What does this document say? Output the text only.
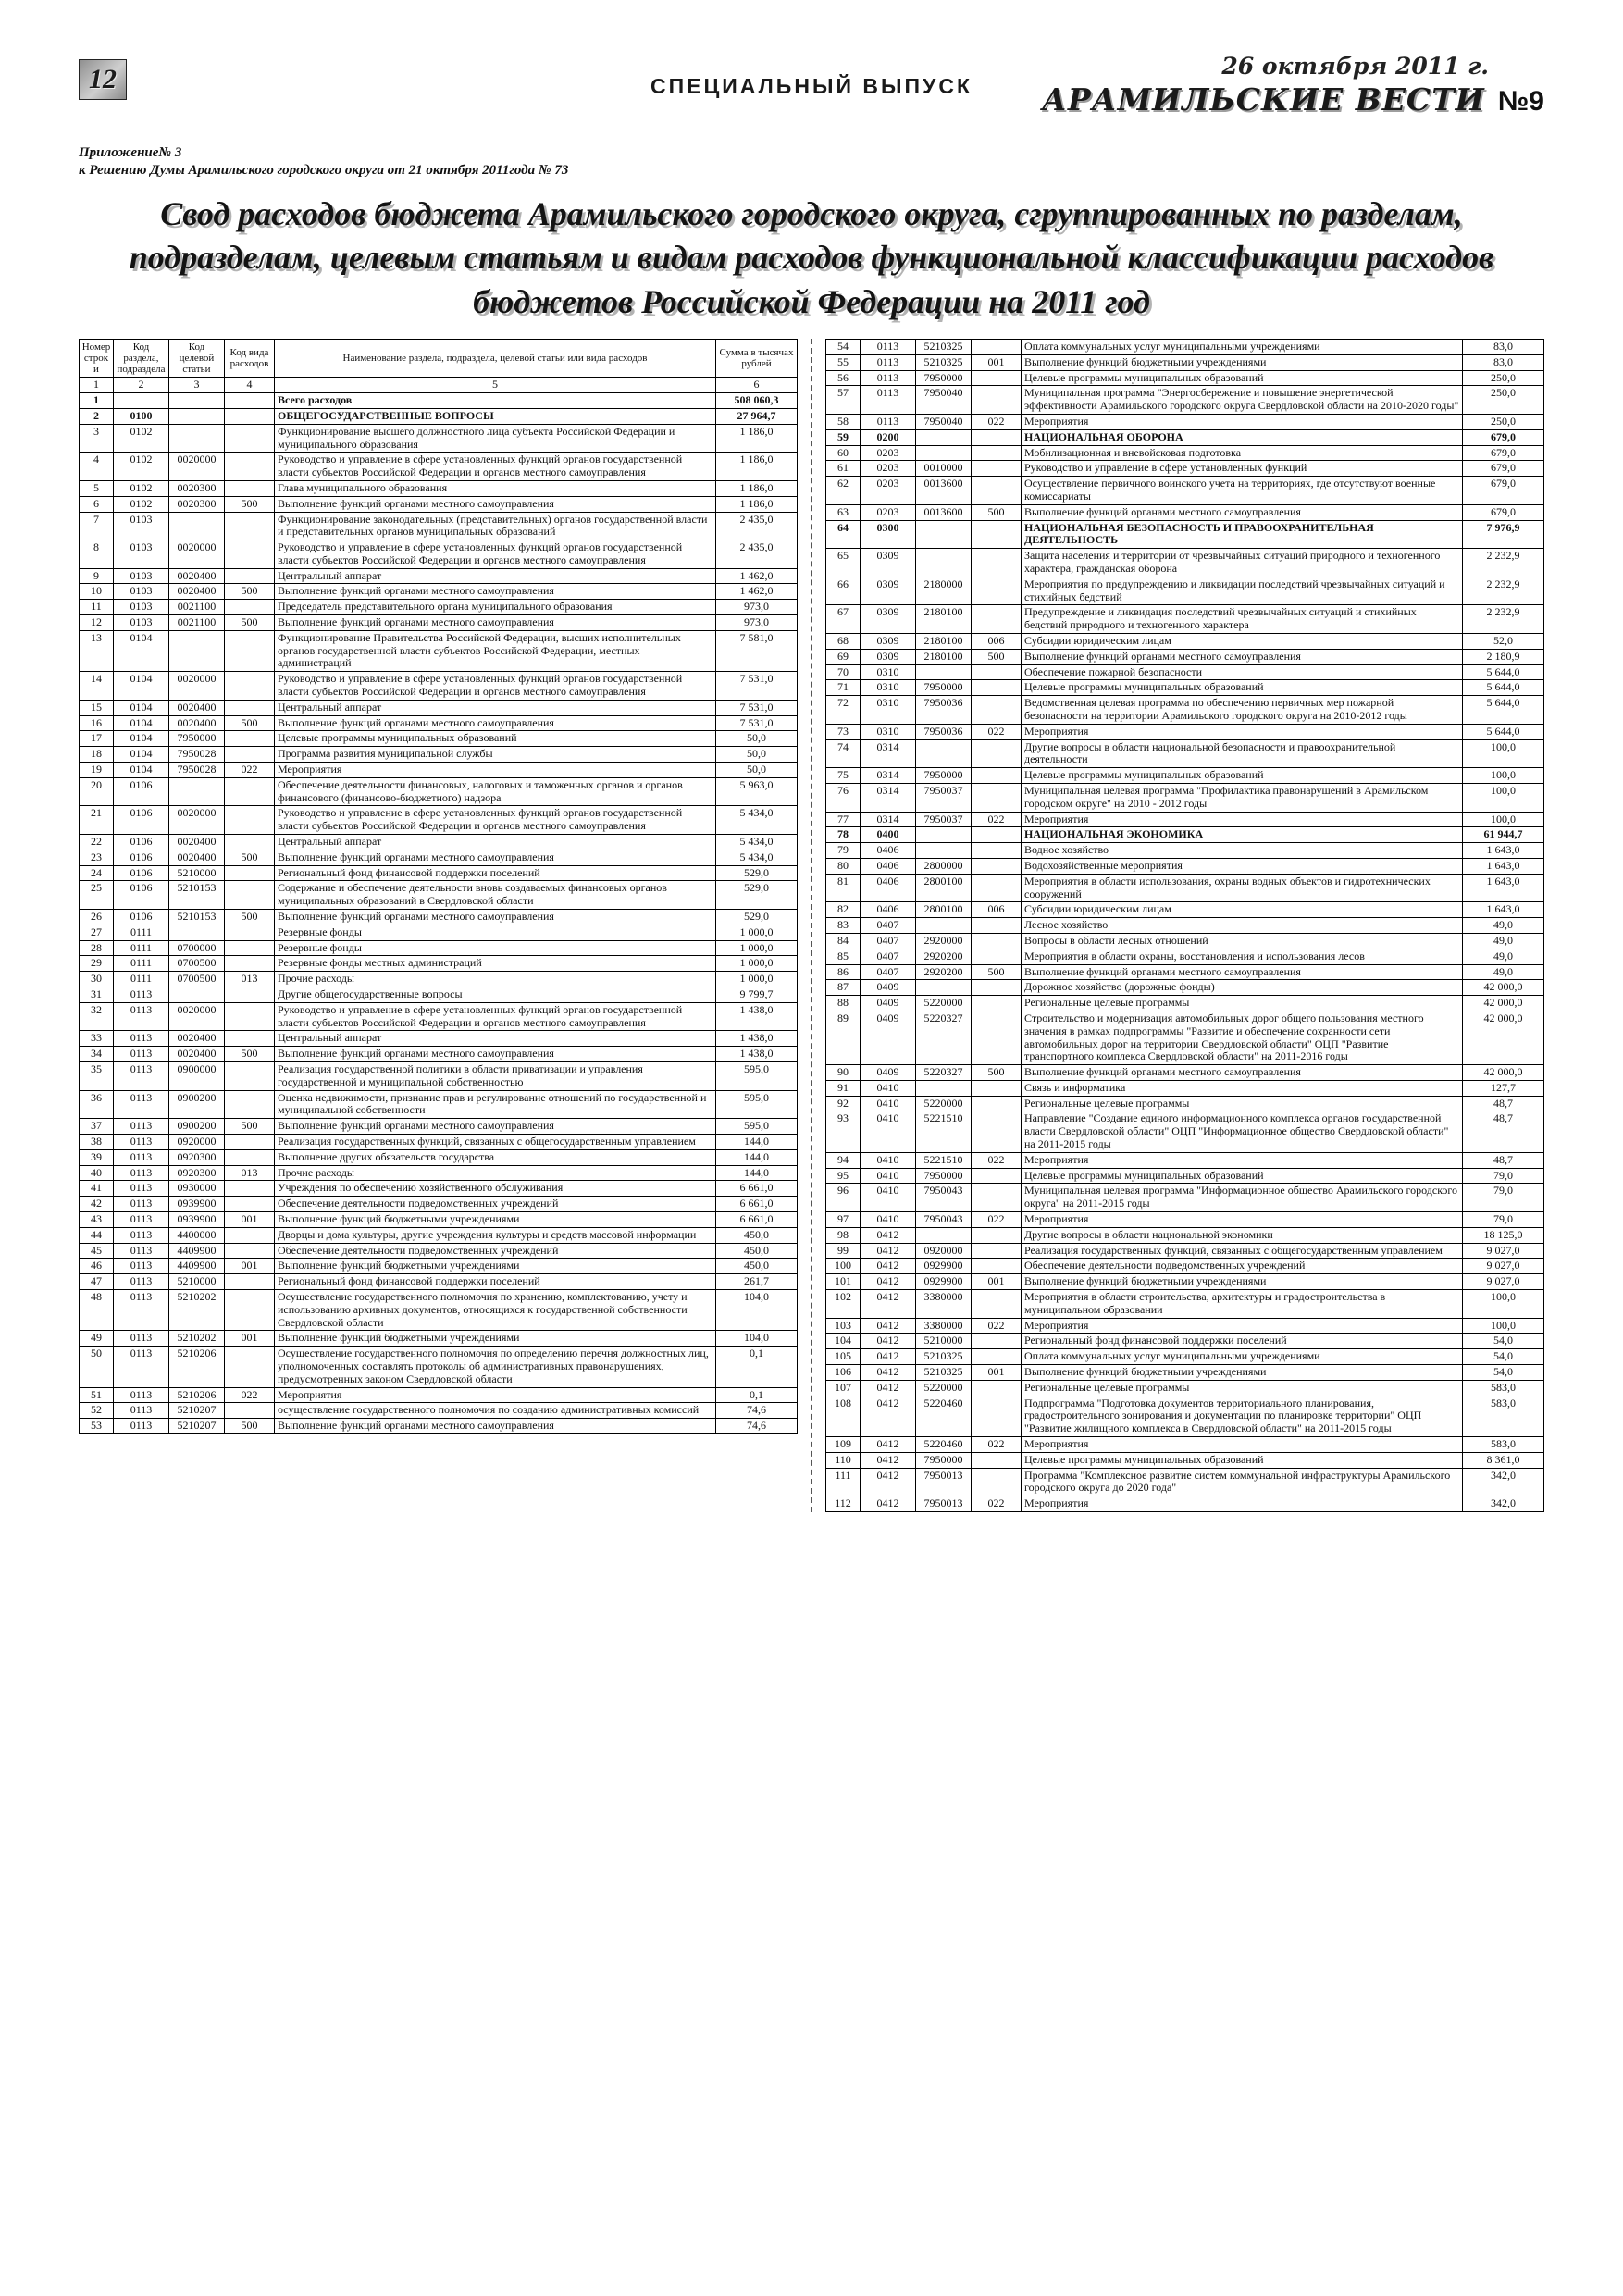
12	СПЕЦИАЛЬНЫЙ ВЫПУСК
26 октября 2011 г.
АРАМИЛЬСКИЕ ВЕСТИ №9
Приложение№ 3
к Решению Думы Арамильского городского округа от 21 октября 2011года № 73
Свод расходов бюджета Арамильского городского округа, сгруппированных по разделам, подразделам, целевым статьям и видам расходов функциональной классификации расходов бюджетов Российской Федерации на 2011 год
Номер строки	Код раздела, подраздела	Код целевой статьи	Код вида расходов	Наименование раздела, подраздела, целевой статьи или вида расходов	Сумма в тысячах рублей
1	2	3	4	5	6
1				Всего расходов	508 060,3
2	0100			ОБЩЕГОСУДАРСТВЕННЫЕ ВОПРОСЫ	27 964,7
3	0102			Функционирование высшего должностного лица субъекта Российской Федерации и муниципального образования	1 186,0
4	0102	0020000		Руководство и управление в сфере установленных функций органов государственной власти субъектов Российской Федерации и органов местного самоуправления	1 186,0
5	0102	0020300		Глава муниципального образования	1 186,0
6	0102	0020300	500	Выполнение функций органами местного самоуправления	1 186,0
7	0103			Функционирование законодательных (представительных) органов государственной власти и представительных органов муниципальных образований	2 435,0
8	0103	0020000		Руководство и управление в сфере установленных функций органов государственной власти субъектов Российской Федерации и органов местного самоуправления	2 435,0
9	0103	0020400		Центральный аппарат	1 462,0
10	0103	0020400	500	Выполнение функций органами местного самоуправления	1 462,0
11	0103	0021100		Председатель представительного органа муниципального образования	973,0
12	0103	0021100	500	Выполнение функций органами местного самоуправления	973,0
13	0104			Функционирование Правительства Российской Федерации, высших исполнительных органов государственной власти субъектов Российской Федерации, местных администраций	7 581,0
14	0104	0020000		Руководство и управление в сфере установленных функций органов государственной власти субъектов Российской Федерации и органов местного самоуправления	7 531,0
15	0104	0020400		Центральный аппарат	7 531,0
16	0104	0020400	500	Выполнение функций органами местного самоуправления	7 531,0
17	0104	7950000		Целевые программы муниципальных образований	50,0
18	0104	7950028		Программа развития муниципальной службы	50,0
19	0104	7950028	022	Мероприятия	50,0
20	0106			Обеспечение деятельности финансовых, налоговых и таможенных органов и органов финансового (финансово-бюджетного) надзора	5 963,0
21	0106	0020000		Руководство и управление в сфере установленных функций органов государственной власти субъектов Российской Федерации и органов местного самоуправления	5 434,0
22	0106	0020400		Центральный аппарат	5 434,0
23	0106	0020400	500	Выполнение функций органами местного самоуправления	5 434,0
24	0106	5210000		Региональный фонд финансовой поддержки поселений	529,0
25	0106	5210153		Содержание и обеспечение деятельности вновь создаваемых финансовых органов муниципальных образований в Свердловской области	529,0
26	0106	5210153	500	Выполнение функций органами местного самоуправления	529,0
27	0111			Резервные фонды	1 000,0
28	0111	0700000		Резервные фонды	1 000,0
29	0111	0700500		Резервные фонды местных администраций	1 000,0
30	0111	0700500	013	Прочие расходы	1 000,0
31	0113			Другие общегосударственные вопросы	9 799,7
32	0113	0020000		Руководство и управление в сфере установленных функций органов государственной власти субъектов Российской Федерации и органов местного самоуправления	1 438,0
33	0113	0020400		Центральный аппарат	1 438,0
34	0113	0020400	500	Выполнение функций органами местного самоуправления	1 438,0
35	0113	0900000		Реализация государственной политики в области приватизации и управления государственной и муниципальной собственностью	595,0
36	0113	0900200		Оценка недвижимости, признание прав и регулирование отношений по государственной и муниципальной собственности	595,0
37	0113	0900200	500	Выполнение функций органами местного самоуправления	595,0
38	0113	0920000		Реализация государственных функций, связанных с общегосударственным управлением	144,0
39	0113	0920300		Выполнение других обязательств государства	144,0
40	0113	0920300	013	Прочие расходы	144,0
41	0113	0930000		Учреждения по обеспечению хозяйственного обслуживания	6 661,0
42	0113	0939900		Обеспечение деятельности подведомственных учреждений	6 661,0
43	0113	0939900	001	Выполнение функций бюджетными учреждениями	6 661,0
44	0113	4400000		Дворцы и дома культуры, другие учреждения культуры и средств массовой информации	450,0
45	0113	4409900		Обеспечение деятельности подведомственных учреждений	450,0
46	0113	4409900	001	Выполнение функций бюджетными учреждениями	450,0
47	0113	5210000		Региональный фонд финансовой поддержки поселений	261,7
48	0113	5210202		Осуществление государственного полномочия по хранению, комплектованию, учету и использованию архивных документов, относящихся к государственной собственности Свердловской области	104,0
49	0113	5210202	001	Выполнение функций бюджетными учреждениями	104,0
50	0113	5210206		Осуществление государственного полномочия по определению перечня должностных лиц, уполномоченных составлять протоколы об административных правонарушениях, предусмотренных законом Свердловской области	0,1
51	0113	5210206	022	Мероприятия	0,1
52	0113	5210207		осуществление государственного полномочия по созданию административных комиссий	74,6
53	0113	5210207	500	Выполнение функций органами местного самоуправления	74,6
54	0113	5210325		Оплата коммунальных услуг муниципальными учреждениями	83,0
55	0113	5210325	001	Выполнение функций бюджетными учреждениями	83,0
56	0113	7950000		Целевые программы муниципальных образований	250,0
57	0113	7950040		Муниципальная программа "Энергосбережение и повышение энергетической эффективности Арамильского городского округа Свердловской области на 2010-2020 годы"	250,0
58	0113	7950040	022	Мероприятия	250,0
59	0200			НАЦИОНАЛЬНАЯ ОБОРОНА	679,0
60	0203			Мобилизационная и вневойсковая подготовка	679,0
61	0203	0010000		Руководство и управление в сфере установленных функций	679,0
62	0203	0013600		Осуществление первичного воинского учета на территориях, где отсутствуют военные комиссариаты	679,0
63	0203	0013600	500	Выполнение функций органами местного самоуправления	679,0
64	0300			НАЦИОНАЛЬНАЯ БЕЗОПАСНОСТЬ И ПРАВООХРАНИТЕЛЬНАЯ ДЕЯТЕЛЬНОСТЬ	7 976,9
65	0309			Защита населения и территории от чрезвычайных ситуаций природного и техногенного характера, гражданская оборона	2 232,9
66	0309	2180000		Мероприятия по предупреждению и ликвидации последствий чрезвычайных ситуаций и стихийных бедствий	2 232,9
67	0309	2180100		Предупреждение и ликвидация последствий чрезвычайных ситуаций и стихийных бедствий природного и техногенного характера	2 232,9
68	0309	2180100	006	Субсидии юридическим лицам	52,0
69	0309	2180100	500	Выполнение функций органами местного самоуправления	2 180,9
70	0310			Обеспечение пожарной безопасности	5 644,0
71	0310	7950000		Целевые программы муниципальных образований	5 644,0
72	0310	7950036		Ведомственная целевая программа по обеспечению первичных мер пожарной безопасности на территории Арамильского городского округа на 2010-2012 годы	5 644,0
73	0310	7950036	022	Мероприятия	5 644,0
74	0314			Другие вопросы в области национальной безопасности и правоохранительной деятельности	100,0
75	0314	7950000		Целевые программы муниципальных образований	100,0
76	0314	7950037		Муниципальная целевая программа "Профилактика правонарушений в Арамильском городском округе" на 2010 - 2012 годы	100,0
77	0314	7950037	022	Мероприятия	100,0
78	0400			НАЦИОНАЛЬНАЯ ЭКОНОМИКА	61 944,7
79	0406			Водное хозяйство	1 643,0
80	0406	2800000		Водохозяйственные мероприятия	1 643,0
81	0406	2800100		Мероприятия в области использования, охраны водных объектов и гидротехнических сооружений	1 643,0
82	0406	2800100	006	Субсидии юридическим лицам	1 643,0
83	0407			Лесное хозяйство	49,0
84	0407	2920000		Вопросы в области лесных отношений	49,0
85	0407	2920200		Мероприятия в области охраны, восстановления и использования лесов	49,0
86	0407	2920200	500	Выполнение функций органами местного самоуправления	49,0
87	0409			Дорожное хозяйство (дорожные фонды)	42 000,0
88	0409	5220000		Региональные целевые программы	42 000,0
89	0409	5220327		Строительство и модернизация автомобильных дорог общего пользования местного значения в рамках подпрограммы "Развитие и обеспечение сохранности сети автомобильных дорог на территории Свердловской области" ОЦП "Развитие транспортного комплекса Свердловской области" на 2011-2016 годы	42 000,0
90	0409	5220327	500	Выполнение функций органами местного самоуправления	42 000,0
91	0410			Связь и информатика	127,7
92	0410	5220000		Региональные целевые программы	48,7
93	0410	5221510		Направление "Создание единого информационного комплекса органов государственной власти Свердловской области" ОЦП "Информационное общество Свердловской области" на 2011-2015 годы	48,7
94	0410	5221510	022	Мероприятия	48,7
95	0410	7950000		Целевые программы муниципальных образований	79,0
96	0410	7950043		Муниципальная целевая программа "Информационное общество Арамильского городского округа" на 2011-2015 годы	79,0
97	0410	7950043	022	Мероприятия	79,0
98	0412			Другие вопросы в области национальной экономики	18 125,0
99	0412	0920000		Реализация государственных функций, связанных с общегосударственным управлением	9 027,0
100	0412	0929900		Обеспечение деятельности подведомственных учреждений	9 027,0
101	0412	0929900	001	Выполнение функций бюджетными учреждениями	9 027,0
102	0412	3380000		Мероприятия в области строительства, архитектуры и градостроительства в муниципальном образовании	100,0
103	0412	3380000	022	Мероприятия	100,0
104	0412	5210000		Региональный фонд финансовой поддержки поселений	54,0
105	0412	5210325		Оплата коммунальных услуг муниципальными учреждениями	54,0
106	0412	5210325	001	Выполнение функций бюджетными учреждениями	54,0
107	0412	5220000		Региональные целевые программы	583,0
108	0412	5220460		Подпрограмма "Подготовка документов территориального планирования, градостроительного зонирования и документации по планировке территории" ОЦП "Развитие жилищного комплекса в Свердловской области" на 2011-2015 годы	583,0
109	0412	5220460	022	Мероприятия	583,0
110	0412	7950000		Целевые программы муниципальных образований	8 361,0
111	0412	7950013		Программа "Комплексное развитие систем коммунальной инфраструктуры Арамильского городского округа до 2020 года"	342,0
112	0412	7950013	022	Мероприятия	342,0
